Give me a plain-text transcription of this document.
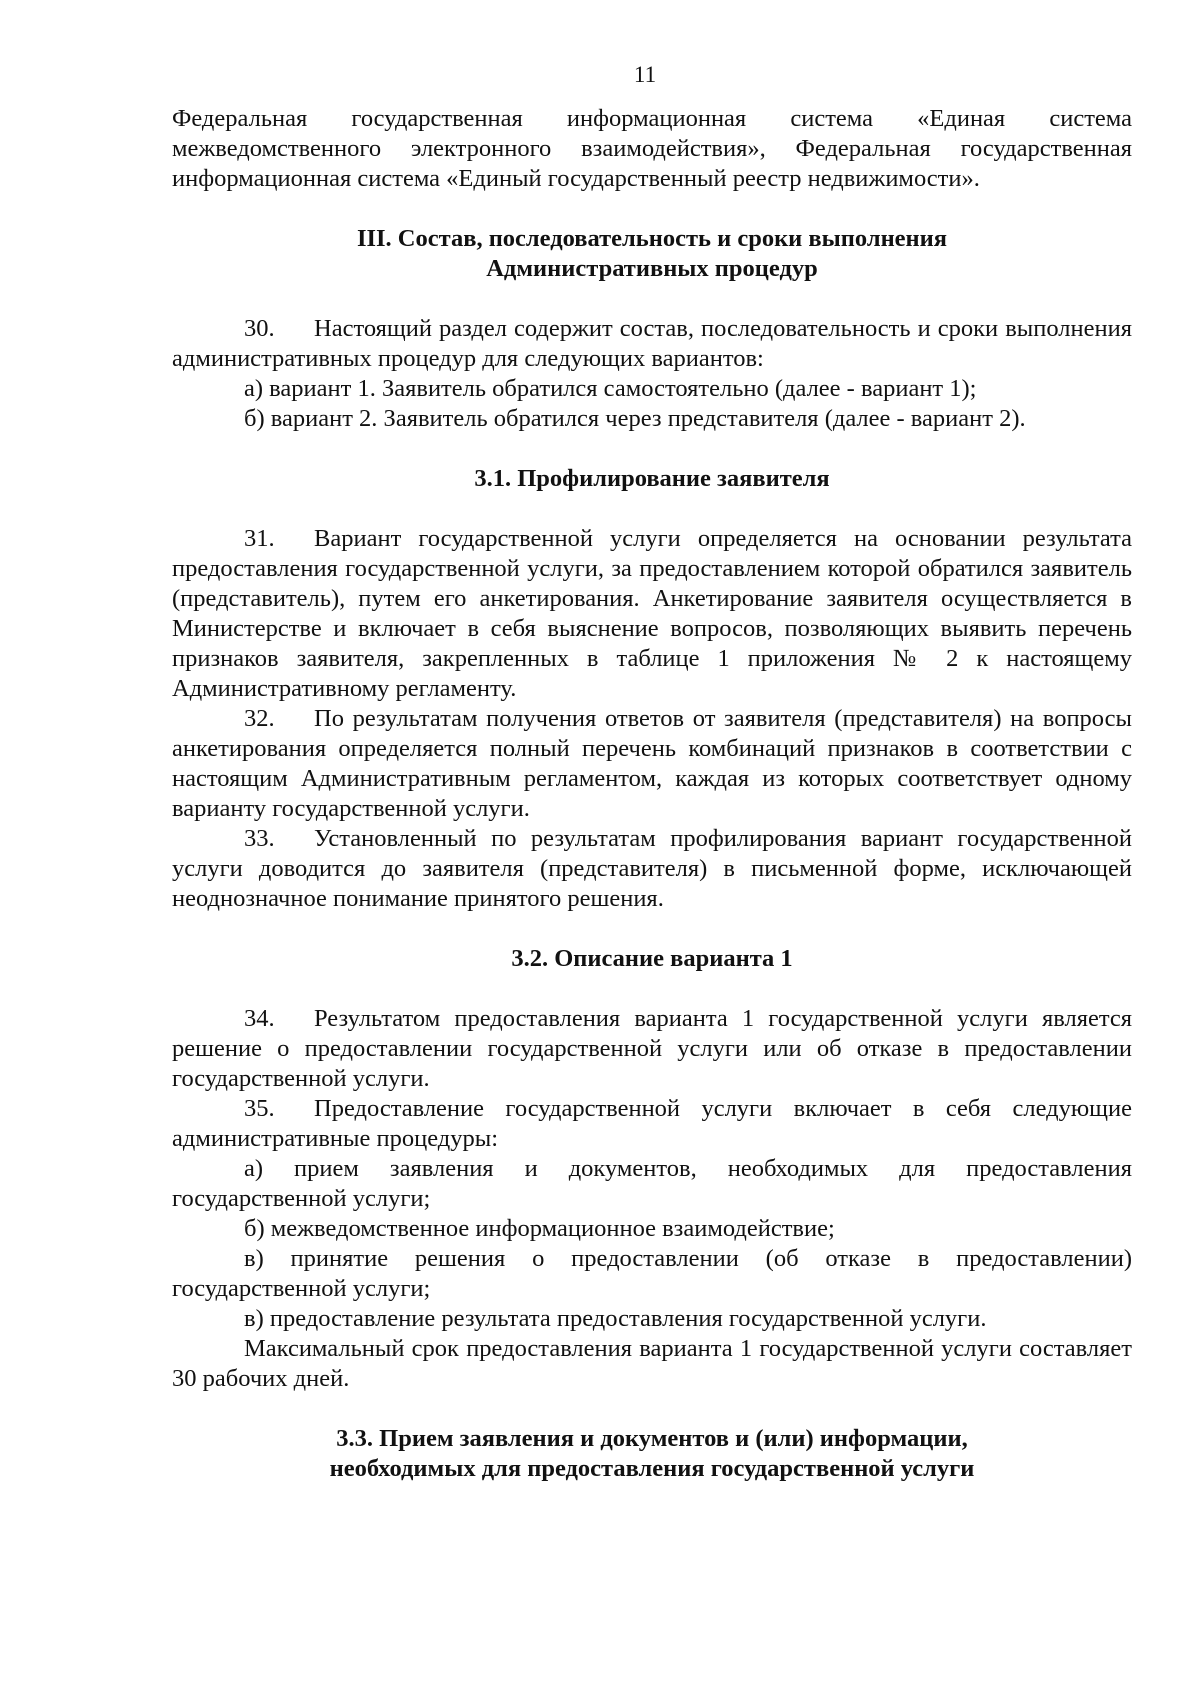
11

Федеральная государственная информационная система «Единая система межведомственного электронного взаимодействия», Федеральная государственная информационная система «Единый государственный реестр недвижимости».

III. Состав, последовательность и сроки выполнения

Административных процедур

30. Настоящий раздел содержит состав, последовательность и сроки выполнения административных процедур для следующих вариантов:

а) вариант 1. Заявитель обратился самостоятельно (далее - вариант 1);

б) вариант 2. Заявитель обратился через представителя (далее - вариант 2).

3.1. Профилирование заявителя

31. Вариант государственной услуги определяется на основании результата предоставления государственной услуги, за предоставлением которой обратился заявитель (представитель), путем его анкетирования. Анкетирование заявителя осуществляется в Министерстве и включает в себя выяснение вопросов, позволяющих выявить перечень признаков заявителя, закрепленных в таблице 1 приложения № 2 к настоящему Административному регламенту.

32. По результатам получения ответов от заявителя (представителя) на вопросы анкетирования определяется полный перечень комбинаций признаков в соответствии с настоящим Административным регламентом, каждая из которых соответствует одному варианту государственной услуги.

33. Установленный по результатам профилирования вариант государственной услуги доводится до заявителя (представителя) в письменной форме, исключающей неоднозначное понимание принятого решения.

3.2. Описание варианта 1

34. Результатом предоставления варианта 1 государственной услуги является решение о предоставлении государственной услуги или об отказе в предоставлении государственной услуги.

35. Предоставление государственной услуги включает в себя следующие административные процедуры:

а) прием заявления и документов, необходимых для предоставления государственной услуги;

б) межведомственное информационное взаимодействие;

в) принятие решения о предоставлении (об отказе в предоставлении) государственной услуги;

в) предоставление результата предоставления государственной услуги.

Максимальный срок предоставления варианта 1 государственной услуги составляет 30 рабочих дней.

3.3. Прием заявления и документов и (или) информации,

необходимых для предоставления государственной услуги
